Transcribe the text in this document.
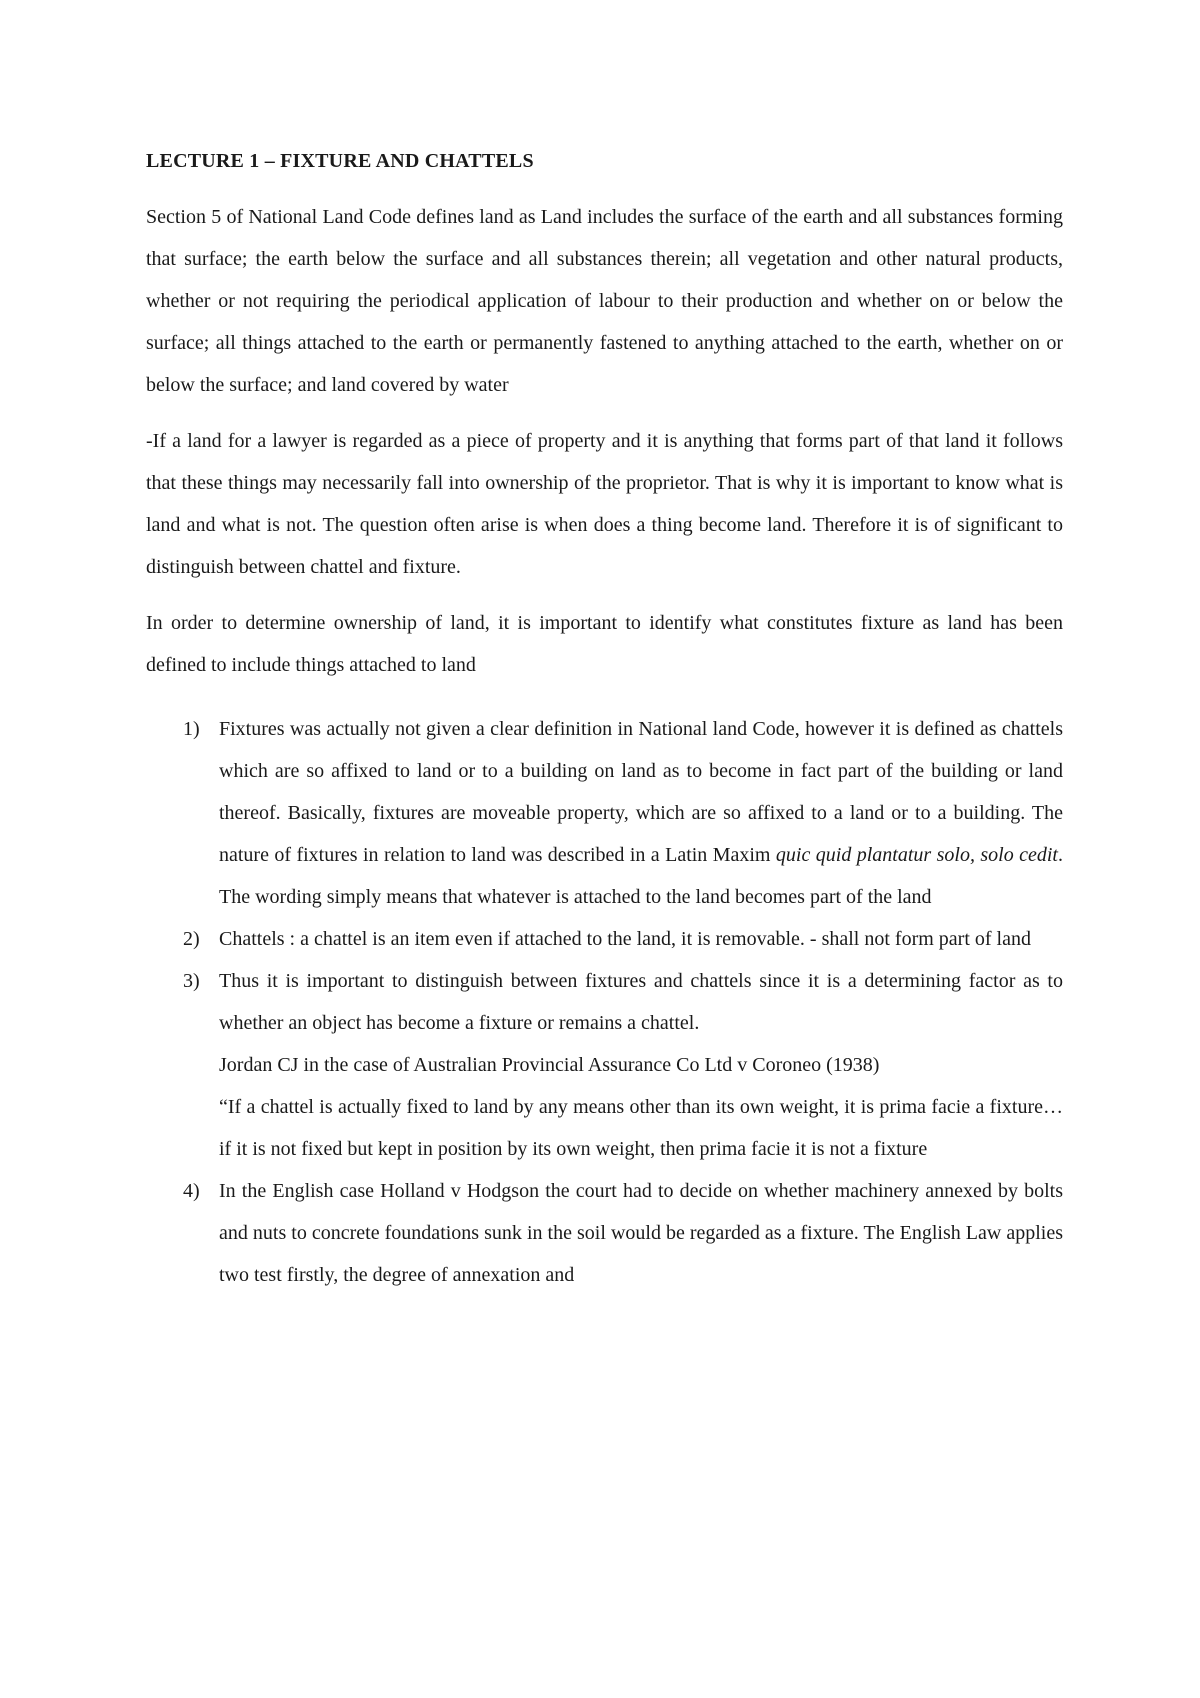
LECTURE 1 – FIXTURE AND CHATTELS

Section 5 of National Land Code defines land as Land includes the surface of the earth and all substances forming that surface; the earth below the surface and all substances therein; all vegetation and other natural products, whether or not requiring the periodical application of labour to their production and whether on or below the surface; all things attached to the earth or permanently fastened to anything attached to the earth, whether on or below the surface; and land covered by water

-If a land for a lawyer is regarded as a piece of property and it is anything that forms part of that land it follows that these things may necessarily fall into ownership of the proprietor. That is why it is important to know what is land and what is not. The question often arise is when does a thing become land. Therefore it is of significant to distinguish between chattel and fixture.

In order to determine ownership of land, it is important to identify what constitutes fixture as land has been defined to include things attached to land

1) Fixtures was actually not given a clear definition in National land Code, however it is defined as chattels which are so affixed to land or to a building on land as to become in fact part of the building or land thereof. Basically, fixtures are moveable property, which are so affixed to a land or to a building. The nature of fixtures in relation to land was described in a Latin Maxim quic quid plantatur solo, solo cedit. The wording simply means that whatever is attached to the land becomes part of the land
2) Chattels : a chattel is an item even if attached to the land, it is removable. - shall not form part of land
3) Thus it is important to distinguish between fixtures and chattels since it is a determining factor as to whether an object has become a fixture or remains a chattel.
Jordan CJ in the case of Australian Provincial Assurance Co Ltd v Coroneo (1938)
“If a chattel is actually fixed to land by any means other than its own weight, it is prima facie a fixture…if it is not fixed but kept in position by its own weight, then prima facie it is not a fixture
4) In the English case Holland v Hodgson the court had to decide on whether machinery annexed by bolts and nuts to concrete foundations sunk in the soil would be regarded as a fixture. The English Law applies two test firstly, the degree of annexation and
